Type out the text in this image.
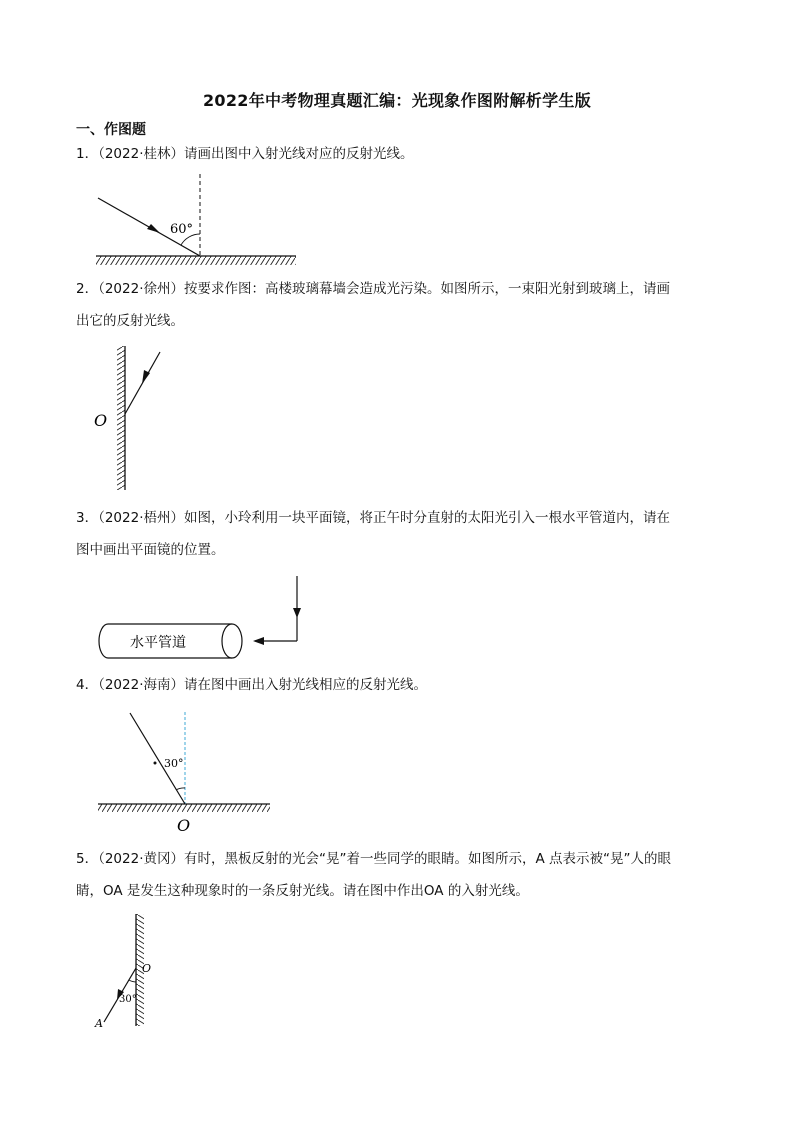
2022年中考物理真题汇编：光现象作图附解析学生版
一、作图题
1．（2022·桂林）请画出图中入射光线对应的反射光线。
60°
2．（2022·徐州）按要求作图：高楼玻璃幕墙会造成光污染。如图所示，一束阳光射到玻璃上，请画
出它的反射光线。
O
3．（2022·梧州）如图，小玲利用一块平面镜，将正午时分直射的太阳光引入一根水平管道内，请在
图中画出平面镜的位置。
水平管道
4．（2022·海南）请在图中画出入射光线相应的反射光线。
30°
O
5．（2022·黄冈）有时，黑板反射的光会“晃”着一些同学的眼睛。如图所示，A 点表示被“晃”人的眼
睛，OA 是发生这种现象时的一条反射光线。请在图中作出OA 的入射光线。
30°
O
A
